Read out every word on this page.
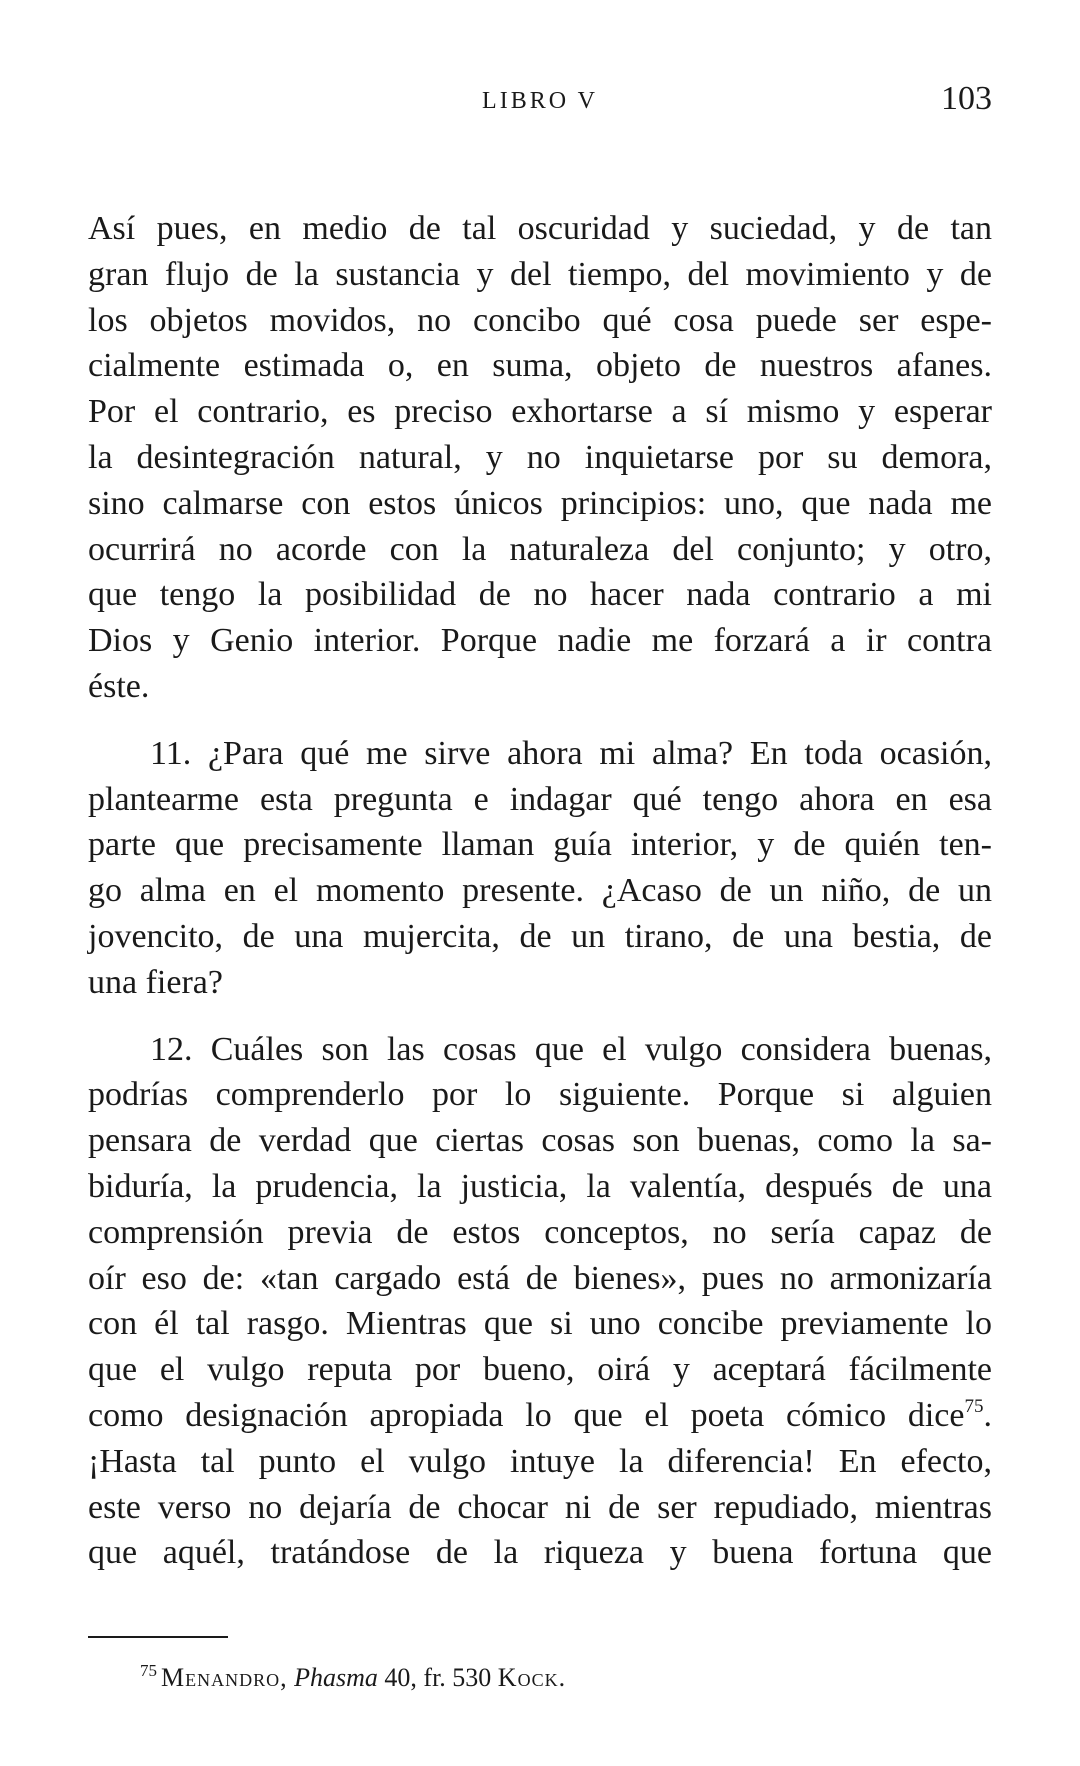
LIBRO V	103

Así pues, en medio de tal oscuridad y suciedad, y de tan
gran flujo de la sustancia y del tiempo, del movimiento y de
los objetos movidos, no concibo qué cosa puede ser espe-
cialmente estimada o, en suma, objeto de nuestros afanes.
Por el contrario, es preciso exhortarse a sí mismo y esperar
la desintegración natural, y no inquietarse por su demora,
sino calmarse con estos únicos principios: uno, que nada me
ocurrirá no acorde con la naturaleza del conjunto; y otro,
que tengo la posibilidad de no hacer nada contrario a mi
Dios y Genio interior. Porque nadie me forzará a ir contra
éste.

11. ¿Para qué me sirve ahora mi alma? En toda ocasión,
plantearme esta pregunta e indagar qué tengo ahora en esa
parte que precisamente llaman guía interior, y de quién ten-
go alma en el momento presente. ¿Acaso de un niño, de un
jovencito, de una mujercita, de un tirano, de una bestia, de
una fiera?

12. Cuáles son las cosas que el vulgo considera buenas,
podrías comprenderlo por lo siguiente. Porque si alguien
pensara de verdad que ciertas cosas son buenas, como la sa-
biduría, la prudencia, la justicia, la valentía, después de una
comprensión previa de estos conceptos, no sería capaz de
oír eso de: «tan cargado está de bienes», pues no armonizaría
con él tal rasgo. Mientras que si uno concibe previamente lo
que el vulgo reputa por bueno, oirá y aceptará fácilmente
como designación apropiada lo que el poeta cómico dice$^{75}$.
¡Hasta tal punto el vulgo intuye la diferencia! En efecto,
este verso no dejaría de chocar ni de ser repudiado, mientras
que aquél, tratándose de la riqueza y buena fortuna que

$^{75}$ Menandro, Phasma 40, fr. 530 Kock.
